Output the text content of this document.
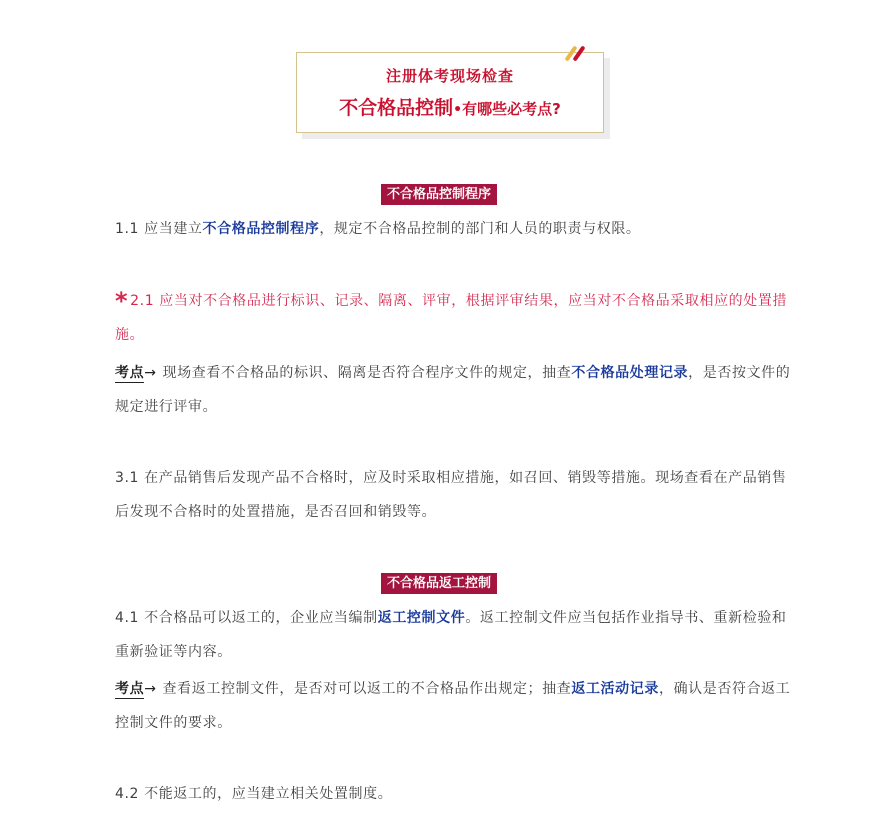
注册体考现场检查
不合格品控制•有哪些必考点?
不合格品控制程序
1.1 应当建立不合格品控制程序，规定不合格品控制的部门和人员的职责与权限。
* 2.1 应当对不合格品进行标识、记录、隔离、评审，根据评审结果，应当对不合格品采取相应的处置措施。
考点→ 现场查看不合格品的标识、隔离是否符合程序文件的规定，抽查不合格品处理记录，是否按文件的规定进行评审。
3.1 在产品销售后发现产品不合格时，应及时采取相应措施，如召回、销毁等措施。现场查看在产品销售后发现不合格时的处置措施，是否召回和销毁等。
不合格品返工控制
4.1 不合格品可以返工的，企业应当编制返工控制文件。返工控制文件应当包括作业指导书、重新检验和重新验证等内容。
考点→ 查看返工控制文件，是否对可以返工的不合格品作出规定；抽查返工活动记录，确认是否符合返工控制文件的要求。
4.2 不能返工的，应当建立相关处置制度。
